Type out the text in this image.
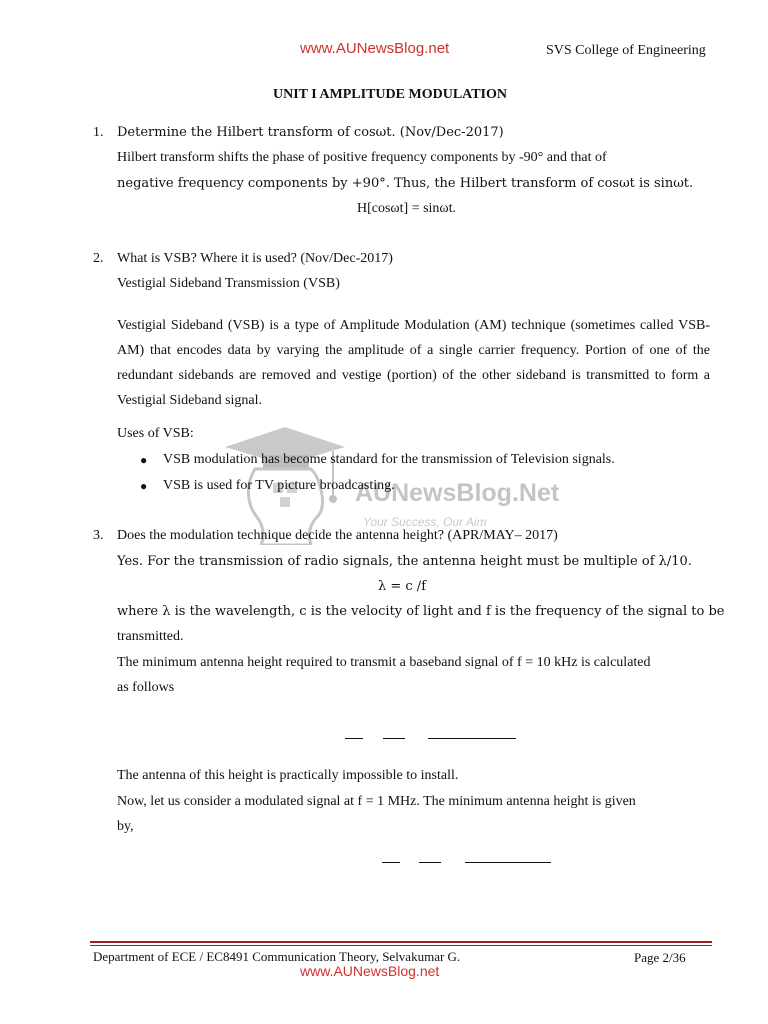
www.AUNewsBlog.net	SVS College of Engineering
UNIT I AMPLITUDE MODULATION
AUNewsBlog.Net
Your Success, Our Aim
1. Determine the Hilbert transform of cosωt. (Nov/Dec-2017)
Hilbert transform shifts the phase of positive frequency components by -90° and that of
negative frequency components by +90°. Thus, the Hilbert transform of cosωt is sinωt.
H[cosωt] = sinωt.
2. What is VSB? Where it is used? (Nov/Dec-2017)
Vestigial Sideband Transmission (VSB)
Vestigial Sideband (VSB) is a type of Amplitude Modulation (AM) technique (sometimes called VSB-AM) that encodes data by varying the amplitude of a single carrier frequency. Portion of one of the redundant sidebands are removed and vestige (portion) of the other sideband is transmitted to form a Vestigial Sideband signal.
Uses of VSB:
● VSB modulation has become standard for the transmission of Television signals.
● VSB is used for TV picture broadcasting.
3. Does the modulation technique decide the antenna height? (APR/MAY– 2017)
Yes. For the transmission of radio signals, the antenna height must be multiple of λ/10.
λ = c /f
where λ is the wavelength, c is the velocity of light and f is the frequency of the signal to be
transmitted.
The minimum antenna height required to transmit a baseband signal of f = 10 kHz is calculated
as follows
The antenna of this height is practically impossible to install.
Now, let us consider a modulated signal at f = 1 MHz. The minimum antenna height is given
by,
Department of ECE / EC8491 Communication Theory, Selvakumar G.	Page 2/36
www.AUNewsBlog.net
